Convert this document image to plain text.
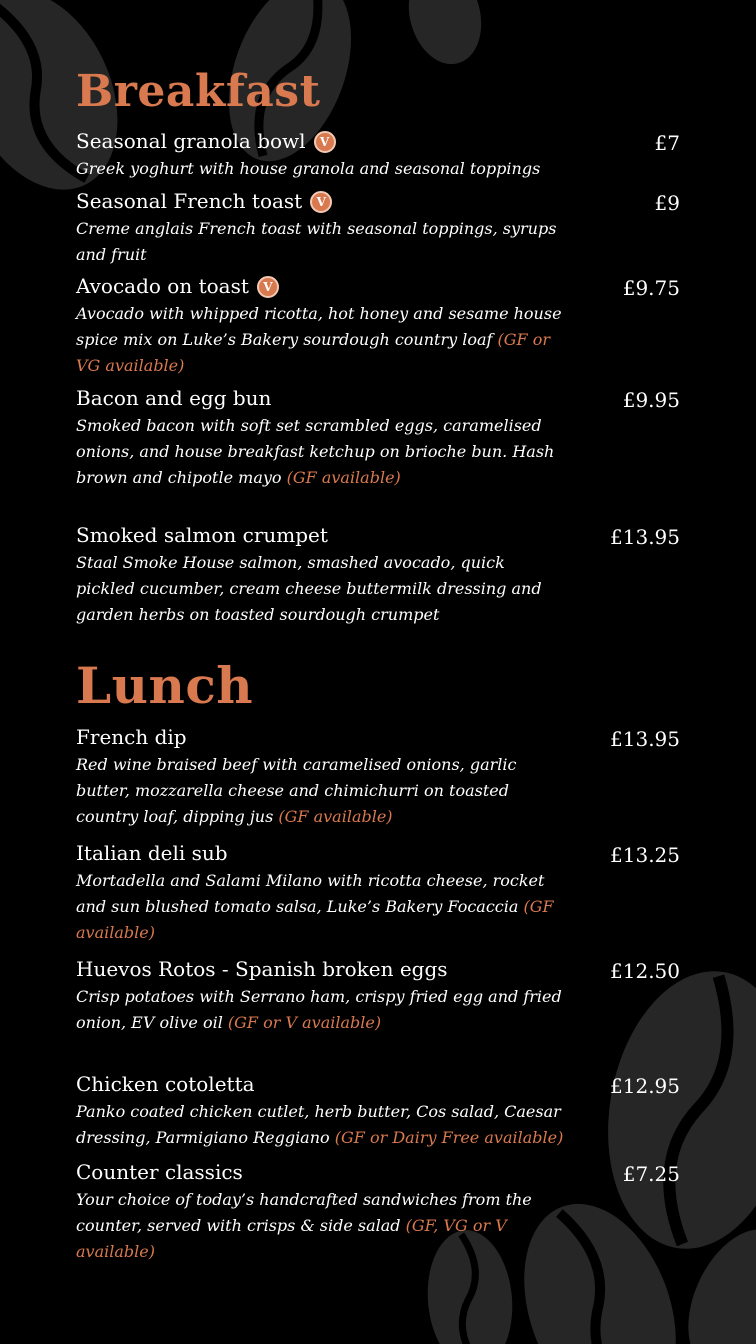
Breakfast
Seasonal granola bowl V	£7
Greek yoghurt with house granola and seasonal toppings
Seasonal French toast V	£9
Creme anglais French toast with seasonal toppings, syrups and fruit
Avocado on toast V	£9.75
Avocado with whipped ricotta, hot honey and sesame house spice mix on Luke’s Bakery sourdough country loaf (GF or VG available)
Bacon and egg bun	£9.95
Smoked bacon with soft set scrambled eggs, caramelised onions, and house breakfast ketchup on brioche bun. Hash brown and chipotle mayo (GF available)
Smoked salmon crumpet	£13.95
Staal Smoke House salmon, smashed avocado, quick pickled cucumber, cream cheese buttermilk dressing and garden herbs on toasted sourdough crumpet
Lunch
French dip	£13.95
Red wine braised beef with caramelised onions, garlic butter, mozzarella cheese and chimichurri on toasted country loaf, dipping jus (GF available)
Italian deli sub	£13.25
Mortadella and Salami Milano with ricotta cheese, rocket and sun blushed tomato salsa, Luke’s Bakery Focaccia (GF available)
Huevos Rotos - Spanish broken eggs	£12.50
Crisp potatoes with Serrano ham, crispy fried egg and fried onion, EV olive oil (GF or V available)
Chicken cotoletta	£12.95
Panko coated chicken cutlet, herb butter, Cos salad, Caesar dressing, Parmigiano Reggiano (GF or Dairy Free available)
Counter classics	£7.25
Your choice of today’s handcrafted sandwiches from the counter, served with crisps & side salad (GF, VG or V available)
